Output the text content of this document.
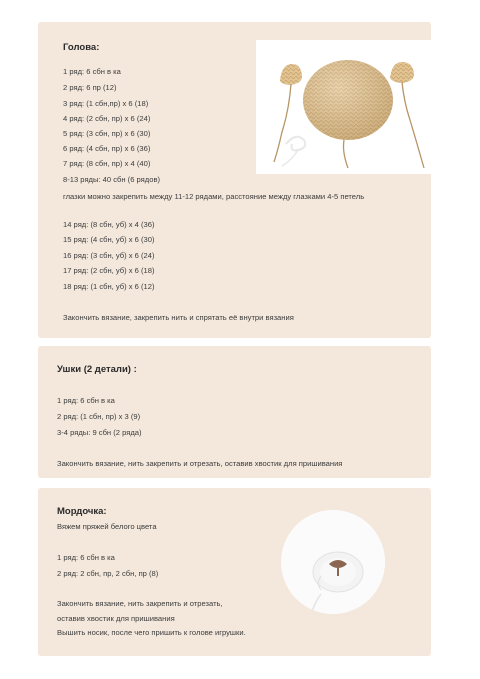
Голова:
1 ряд: 6 сбн в ка
2 ряд: 6 пр (12)
3 ряд: (1 сбн,пр) х 6 (18)
4 ряд: (2 сбн, пр) х 6 (24)
5 ряд: (3 сбн, пр) х 6 (30)
6 ряд: (4 сбн, пр) х 6 (36)
7 ряд: (8 сбн, пр) х 4 (40)
8-13 ряды: 40 сбн (6 рядов)
глазки можно закрепить между 11-12 рядами, расстояние между глазками 4-5 петель
14 ряд: (8 сбн, уб) х 4 (36)
15 ряд: (4 сбн, уб) х 6 (30)
16 ряд: (3 сбн, уб) х 6 (24)
17 ряд: (2 сбн, уб) х 6 (18)
18 ряд: (1 сбн, уб) х 6 (12)
Закончить вязание, закрепить нить и спрятать её внутри вязания
Ушки (2 детали) :
1 ряд: 6 сбн в ка
2 ряд: (1 сбн, пр) х 3 (9)
3-4 ряды: 9 сбн (2 ряда)
Закончить вязание, нить закрепить и отрезать, оставив хвостик для пришивания
Мордочка:
Вяжем пряжей белого цвета
1 ряд: 6 сбн в ка
2 ряд: 2 сбн, пр, 2 сбн, пр (8)
Закончить вязание, нить закрепить и отрезать,
оставив хвостик для пришивания
Вышить носик, после чего пришить к голове игрушки.
